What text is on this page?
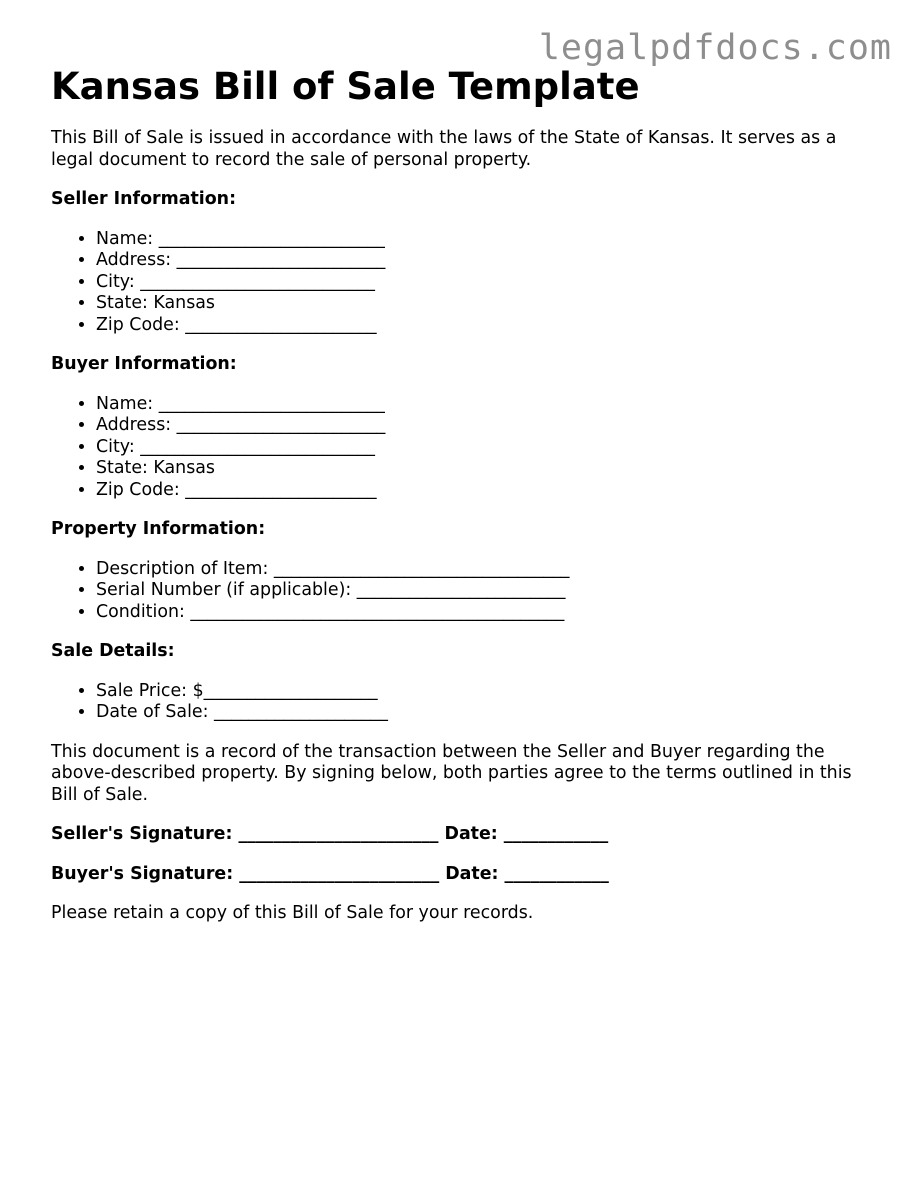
legalpdfdocs.com
Kansas Bill of Sale Template

This Bill of Sale is issued in accordance with the laws of the State of Kansas. It serves as a legal document to record the sale of personal property.

Seller Information:

• Name: __________________________
• Address: ________________________
• City: ___________________________
• State: Kansas
• Zip Code: ______________________

Buyer Information:

• Name: __________________________
• Address: ________________________
• City: ___________________________
• State: Kansas
• Zip Code: ______________________

Property Information:

• Description of Item: __________________________________
• Serial Number (if applicable): ________________________
• Condition: ___________________________________________

Sale Details:

• Sale Price: $____________________
• Date of Sale: ____________________

This document is a record of the transaction between the Seller and Buyer regarding the above-described property. By signing below, both parties agree to the terms outlined in this Bill of Sale.

Seller's Signature: _______________________ Date: ____________

Buyer's Signature: _______________________ Date: ____________

Please retain a copy of this Bill of Sale for your records.
